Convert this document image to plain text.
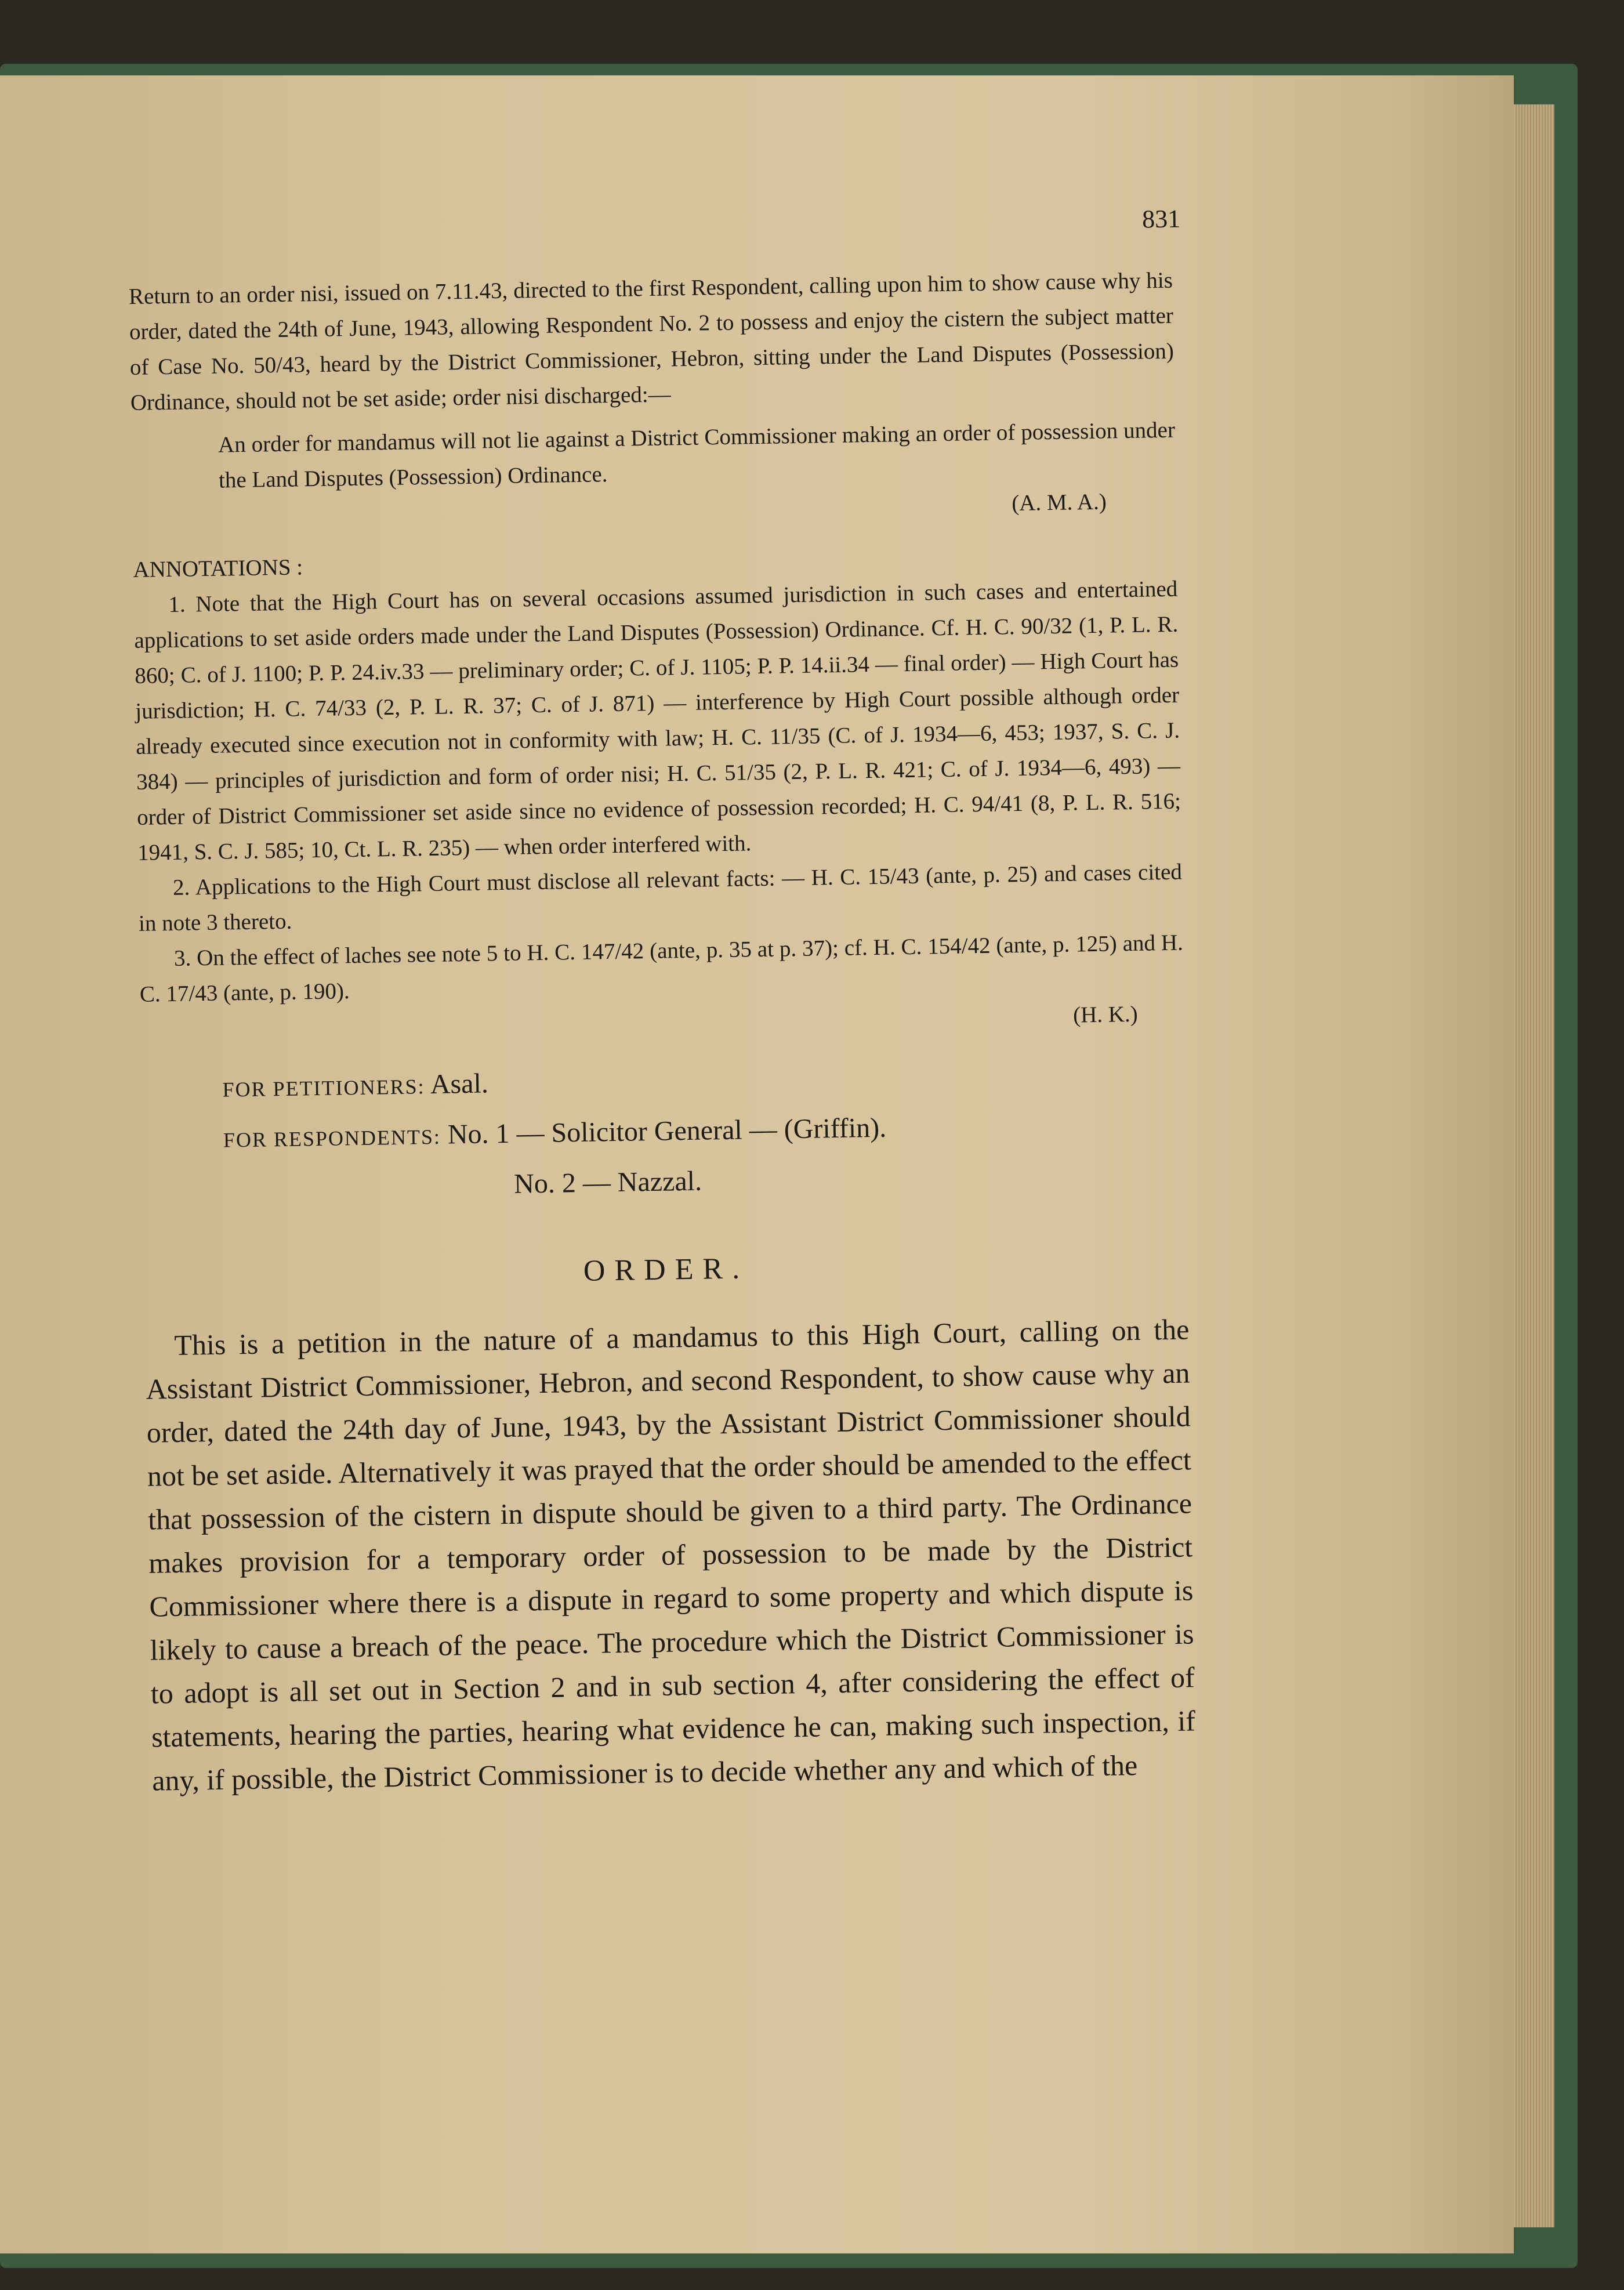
831

Return to an order nisi, issued on 7.11.43, directed to the first Respondent, calling upon him to show cause why his order, dated the 24th of June, 1943, allowing Respondent No. 2 to possess and enjoy the cistern the subject matter of Case No. 50/43, heard by the District Commissioner, Hebron, sitting under the Land Disputes (Possession) Ordinance, should not be set aside; order nisi discharged:—

An order for mandamus will not lie against a District Commissioner making an order of possession under the Land Disputes (Possession) Ordinance.

(A. M. A.)

ANNOTATIONS :

1. Note that the High Court has on several occasions assumed jurisdiction in such cases and entertained applications to set aside orders made under the Land Disputes (Possession) Ordinance. Cf. H. C. 90/32 (1, P. L. R. 860; C. of J. 1100; P. P. 24.iv.33 — preliminary order; C. of J. 1105; P. P. 14.ii.34 — final order) — High Court has jurisdiction; H. C. 74/33 (2, P. L. R. 37; C. of J. 871) — interference by High Court possible although order already executed since execution not in conformity with law; H. C. 11/35 (C. of J. 1934—6, 453; 1937, S. C. J. 384) — principles of jurisdiction and form of order nisi; H. C. 51/35 (2, P. L. R. 421; C. of J. 1934—6, 493) — order of District Commissioner set aside since no evidence of possession recorded; H. C. 94/41 (8, P. L. R. 516; 1941, S. C. J. 585; 10, Ct. L. R. 235) — when order interfered with.

2. Applications to the High Court must disclose all relevant facts: — H. C. 15/43 (ante, p. 25) and cases cited in note 3 thereto.

3. On the effect of laches see note 5 to H. C. 147/42 (ante, p. 35 at p. 37); cf. H. C. 154/42 (ante, p. 125) and H. C. 17/43 (ante, p. 190).

(H. K.)

FOR PETITIONERS: Asal.
FOR RESPONDENTS: No. 1 — Solicitor General — (Griffin).
No. 2 — Nazzal.
ORDER.

This is a petition in the nature of a mandamus to this High Court, calling on the Assistant District Commissioner, Hebron, and second Respondent, to show cause why an order, dated the 24th day of June, 1943, by the Assistant District Commissioner should not be set aside. Alternatively it was prayed that the order should be amended to the effect that possession of the cistern in dispute should be given to a third party. The Ordinance makes provision for a temporary order of possession to be made by the District Commissioner where there is a dispute in regard to some property and which dispute is likely to cause a breach of the peace. The procedure which the District Commissioner is to adopt is all set out in Section 2 and in sub section 4, after considering the effect of statements, hearing the parties, hearing what evidence he can, making such inspection, if any, if possible, the District Commissioner is to decide whether any and which of the
